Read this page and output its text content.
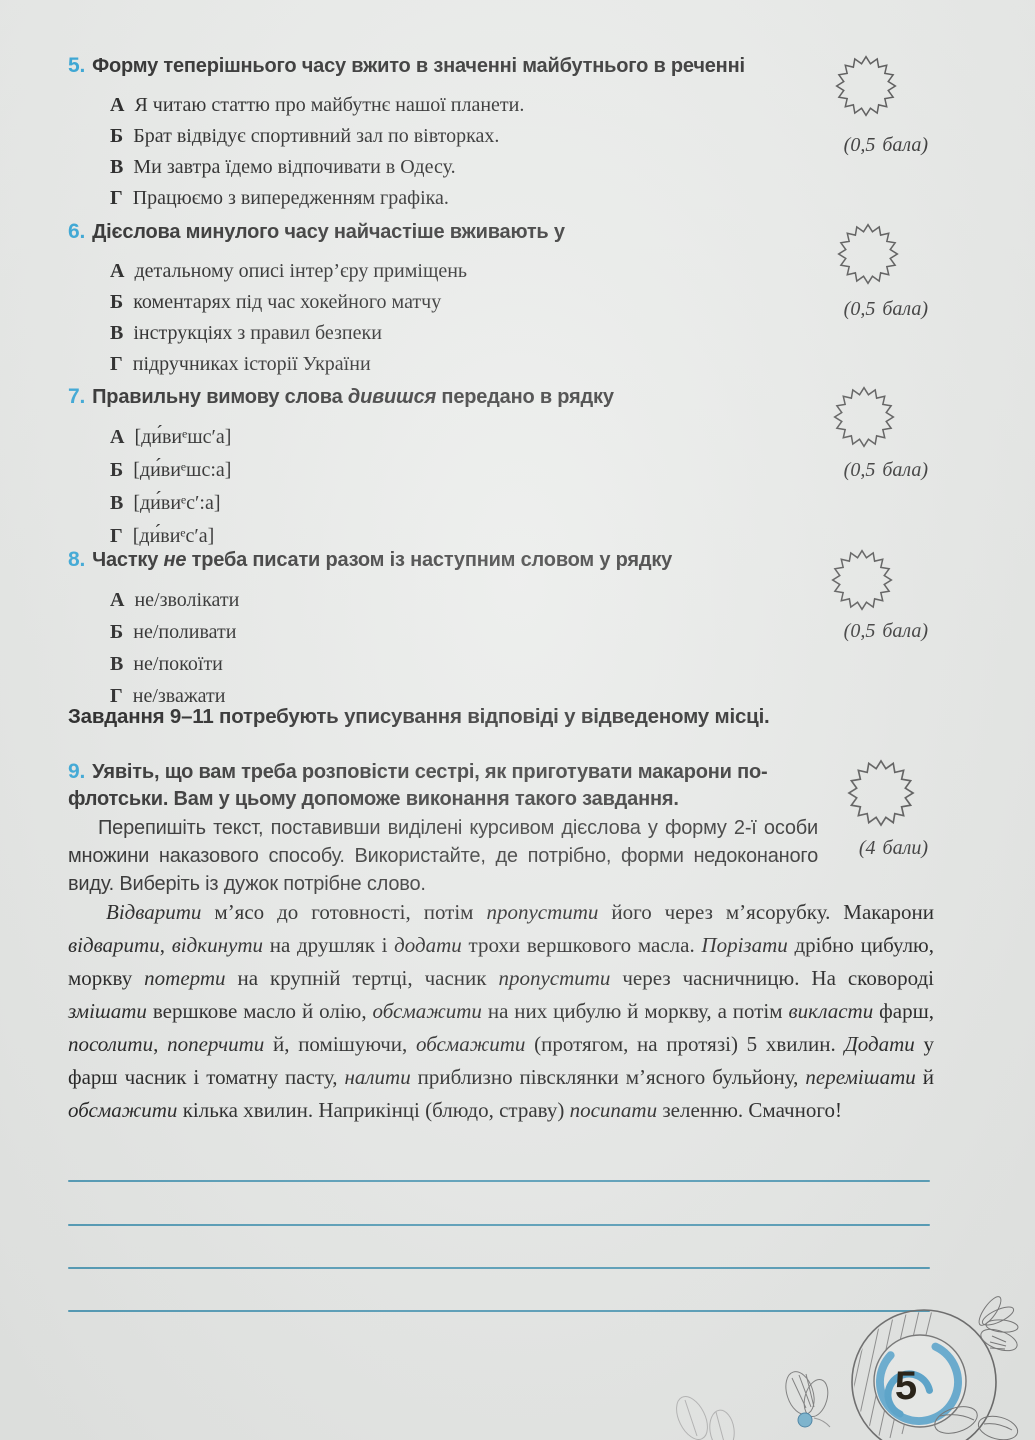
5. Форму теперішнього часу вжито в значенні майбутнього в реченні
А Я читаю статтю про майбутнє нашої планети.
Б Брат відвідує спортивний зал по вівторках.
В Ми завтра їдемо відпочивати в Одесу.
Г Працюємо з випередженням графіка.
(0,5 бала)
6. Дієслова минулого часу найчастіше вживають у
А детальному описі інтер’єру приміщень
Б коментарях під час хокейного матчу
В інструкціях з правил безпеки
Г підручниках історії України
(0,5 бала)
7. Правильну вимову слова дивишся передано в рядку
А [ди́виᵉшс′а]
Б [ди́виᵉшс:а]
В [ди́виᵉс′:а]
Г [ди́виᵉс′а]
(0,5 бала)
8. Частку не треба писати разом із наступним словом у рядку
А не/зволікати
Б не/поливати
В не/покоїти
Г не/зважати
(0,5 бала)
Завдання 9–11 потребують уписування відповіді у відведеному місці.
9. Уявіть, що вам треба розповісти сестрі, як приготувати макарони по-флотськи. Вам у цьому допоможе виконання такого завдання.

Перепишіть текст, поставивши виділені курсивом дієслова у форму 2-ї особи множини наказового способу. Використайте, де потрібно, форми недоконаного виду. Виберіть із дужок потрібне слово.

(4 бали)

Відварити м’ясо до готовності, потім пропустити його через м’ясорубку. Макарони відварити, відкинути на друшляк і додати трохи вершкового масла. Порізати дрібно цибулю, моркву потерти на крупній тертці, часник пропустити через часничницю. На сковороді змішати вершкове масло й олію, обсмажити на них цибулю й моркву, а потім викласти фарш, посолити, поперчити й, помішуючи, обсмажити (протягом, на протязі) 5 хвилин. Додати у фарш часник і томатну пасту, налити приблизно півсклянки м’ясного бульйону, перемішати й обсмажити кілька хвилин. Наприкінці (блюдо, страву) посипати зеленню. Смачного!

5
